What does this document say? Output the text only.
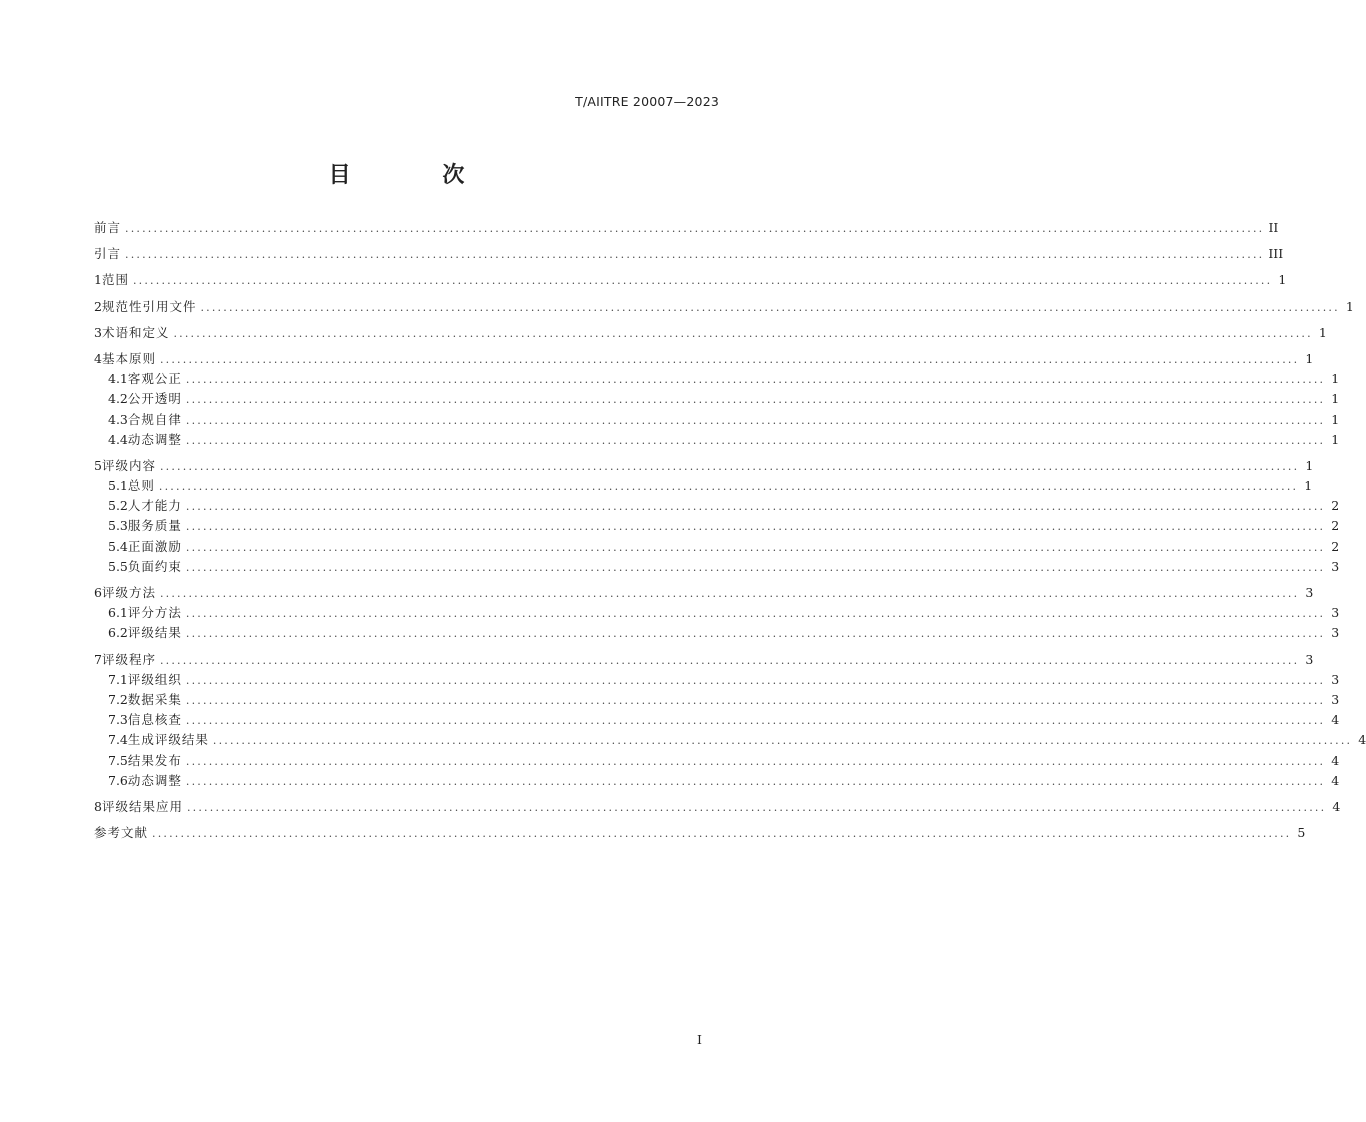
T/AIITRE 20007—2023
目 次
前言 ........................................................................................................................................................................................................ II
引言 ........................................................................................................................................................................................................ III
1 范围 ........................................................................................................................................................................................................ 1
2 规范性引用文件 ........................................................................................................................................................................................................ 1
3 术语和定义 ........................................................................................................................................................................................................ 1
4 基本原则 ........................................................................................................................................................................................................ 1
4.1 客观公正 ........................................................................................................................................................................................................ 1
4.2 公开透明 ........................................................................................................................................................................................................ 1
4.3 合规自律 ........................................................................................................................................................................................................ 1
4.4 动态调整 ........................................................................................................................................................................................................ 1
5 评级内容 ........................................................................................................................................................................................................ 1
5.1 总则 ........................................................................................................................................................................................................ 1
5.2 人才能力 ........................................................................................................................................................................................................ 2
5.3 服务质量 ........................................................................................................................................................................................................ 2
5.4 正面激励 ........................................................................................................................................................................................................ 2
5.5 负面约束 ........................................................................................................................................................................................................ 3
6 评级方法 ........................................................................................................................................................................................................ 3
6.1 评分方法 ........................................................................................................................................................................................................ 3
6.2 评级结果 ........................................................................................................................................................................................................ 3
7 评级程序 ........................................................................................................................................................................................................ 3
7.1 评级组织 ........................................................................................................................................................................................................ 3
7.2 数据采集 ........................................................................................................................................................................................................ 3
7.3 信息核查 ........................................................................................................................................................................................................ 4
7.4 生成评级结果 ........................................................................................................................................................................................................ 4
7.5 结果发布 ........................................................................................................................................................................................................ 4
7.6 动态调整 ........................................................................................................................................................................................................ 4
8 评级结果应用 ........................................................................................................................................................................................................ 4
参考文献 ........................................................................................................................................................................................................ 5
I
